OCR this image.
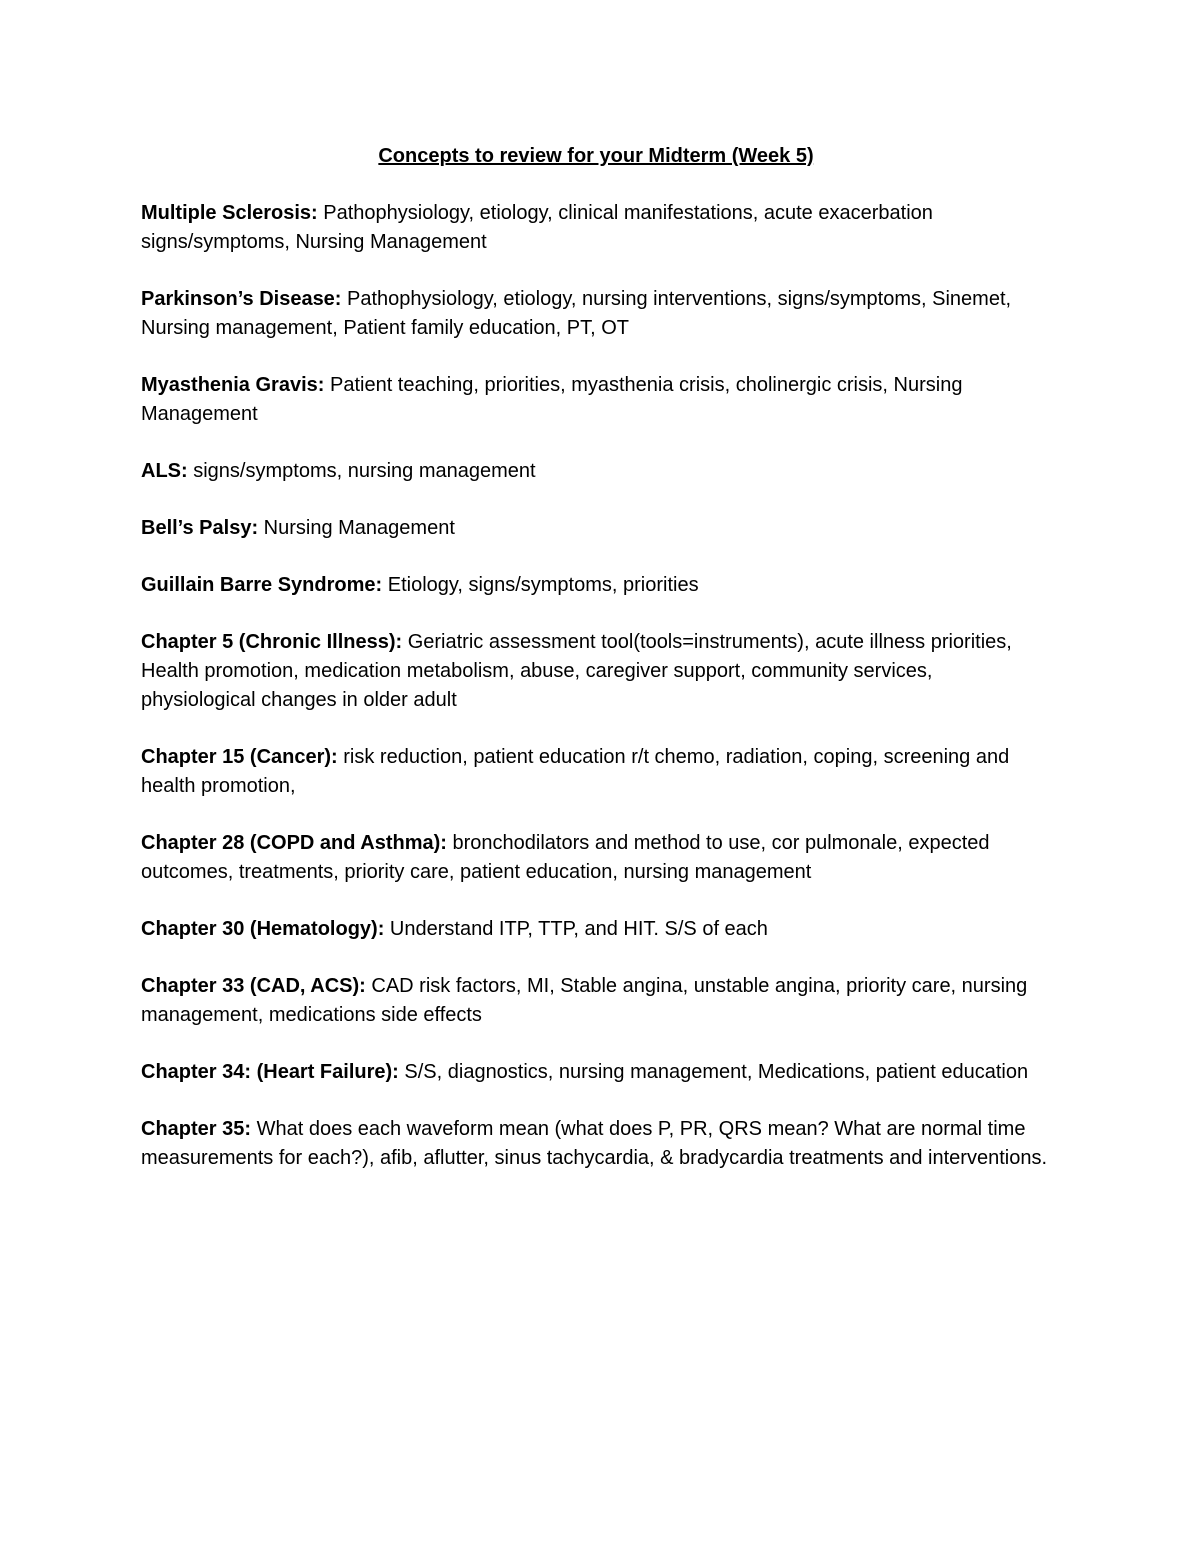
Concepts to review for your Midterm (Week 5)
Multiple Sclerosis: Pathophysiology, etiology, clinical manifestations, acute exacerbation signs/symptoms, Nursing Management
Parkinson’s Disease: Pathophysiology, etiology, nursing interventions, signs/symptoms, Sinemet, Nursing management, Patient family education, PT, OT
Myasthenia Gravis: Patient teaching, priorities, myasthenia crisis, cholinergic crisis, Nursing Management
ALS: signs/symptoms, nursing management
Bell’s Palsy: Nursing Management
Guillain Barre Syndrome: Etiology, signs/symptoms, priorities
Chapter 5 (Chronic Illness): Geriatric assessment tool(tools=instruments), acute illness priorities, Health promotion, medication metabolism, abuse, caregiver support, community services, physiological changes in older adult
Chapter 15 (Cancer): risk reduction, patient education r/t chemo, radiation, coping, screening and health promotion,
Chapter 28 (COPD and Asthma): bronchodilators and method to use, cor pulmonale, expected outcomes, treatments, priority care, patient education, nursing management
Chapter 30 (Hematology): Understand ITP, TTP, and HIT. S/S of each
Chapter 33 (CAD, ACS): CAD risk factors, MI, Stable angina, unstable angina, priority care, nursing management, medications side effects
Chapter 34: (Heart Failure): S/S, diagnostics, nursing management, Medications, patient education
Chapter 35: What does each waveform mean (what does P, PR, QRS mean? What are normal time measurements for each?), afib, aflutter, sinus tachycardia, & bradycardia treatments and interventions.
